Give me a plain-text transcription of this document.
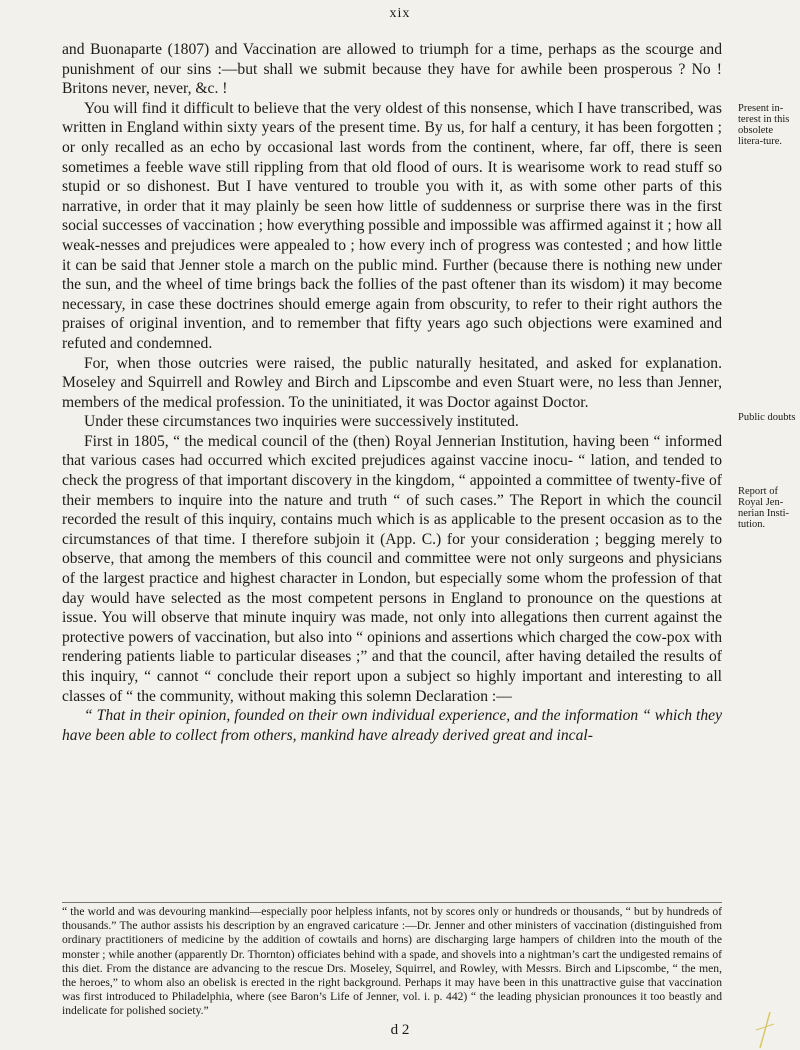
xix

and Buonaparte (1807) and Vaccination are allowed to triumph for a time, perhaps as the scourge and punishment of our sins :—but shall we submit because they have for awhile been prosperous ? No ! Britons never, never, &c. !

You will find it difficult to believe that the very oldest of this nonsense, which I have transcribed, was written in England within sixty years of the present time. By us, for half a century, it has been forgotten ; or only recalled as an echo by occasional last words from the continent, where, far off, there is seen sometimes a feeble wave still rippling from that old flood of ours. It is wearisome work to read stuff so stupid or so dishonest. But I have ventured to trouble you with it, as with some other parts of this narrative, in order that it may plainly be seen how little of suddenness or surprise there was in the first social successes of vaccination ; how everything possible and impossible was affirmed against it ; how all weak-nesses and prejudices were appealed to ; how every inch of progress was contested ; and how little it can be said that Jenner stole a march on the public mind. Further (because there is nothing new under the sun, and the wheel of time brings back the follies of the past oftener than its wisdom) it may become necessary, in case these doctrines should emerge again from obscurity, to refer to their right authors the praises of original invention, and to remember that fifty years ago such objections were examined and refuted and condemned.

For, when those outcries were raised, the public naturally hesitated, and asked for explanation. Moseley and Squirrell and Rowley and Birch and Lipscombe and even Stuart were, no less than Jenner, members of the medical profession. To the uninitiated, it was Doctor against Doctor.

Under these circumstances two inquiries were successively instituted.

First in 1805, “ the medical council of the (then) Royal Jennerian Institution, having been “ informed that various cases had occurred which excited prejudices against vaccine inocu- “ lation, and tended to check the progress of that important discovery in the kingdom, “ appointed a committee of twenty-five of their members to inquire into the nature and truth “ of such cases.” The Report in which the council recorded the result of this inquiry, contains much which is as applicable to the present occasion as to the circumstances of that time. I therefore subjoin it (App. C.) for your consideration ; begging merely to observe, that among the members of this council and committee were not only surgeons and physicians of the largest practice and highest character in London, but especially some whom the profession of that day would have selected as the most competent persons in England to pronounce on the questions at issue. You will observe that minute inquiry was made, not only into allegations then current against the protective powers of vaccination, but also into “ opinions and assertions which charged the cow-pox with rendering patients liable to particular diseases ;” and that the council, after having detailed the results of this inquiry, “ cannot “ conclude their report upon a subject so highly important and interesting to all classes of “ the community, without making this solemn Declaration :—

“ That in their opinion, founded on their own individual experience, and the information “ which they have been able to collect from others, mankind have already derived great and incal-

Present in-terest in this obsolete litera-ture.
Public doubts
Report of Royal Jen-nerian Insti-tution.

“ the world and was devouring mankind—especially poor helpless infants, not by scores only or hundreds or thousands, “ but by hundreds of thousands.” The author assists his description by an engraved caricature :—Dr. Jenner and other ministers of vaccination (distinguished from ordinary practitioners of medicine by the addition of cowtails and horns) are discharging large hampers of children into the mouth of the monster ; while another (apparently Dr. Thornton) officiates behind with a spade, and shovels into a nightman’s cart the undigested remains of this diet. From the distance are advancing to the rescue Drs. Moseley, Squirrel, and Rowley, with Messrs. Birch and Lipscombe, “ the men, the heroes,” to whom also an obelisk is erected in the right background. Perhaps it may have been in this unattractive guise that vaccination was first introduced to Philadelphia, where (see Baron’s Life of Jenner, vol. i. p. 442) “ the leading physician pronounces it too beastly and indelicate for polished society.”

d 2
